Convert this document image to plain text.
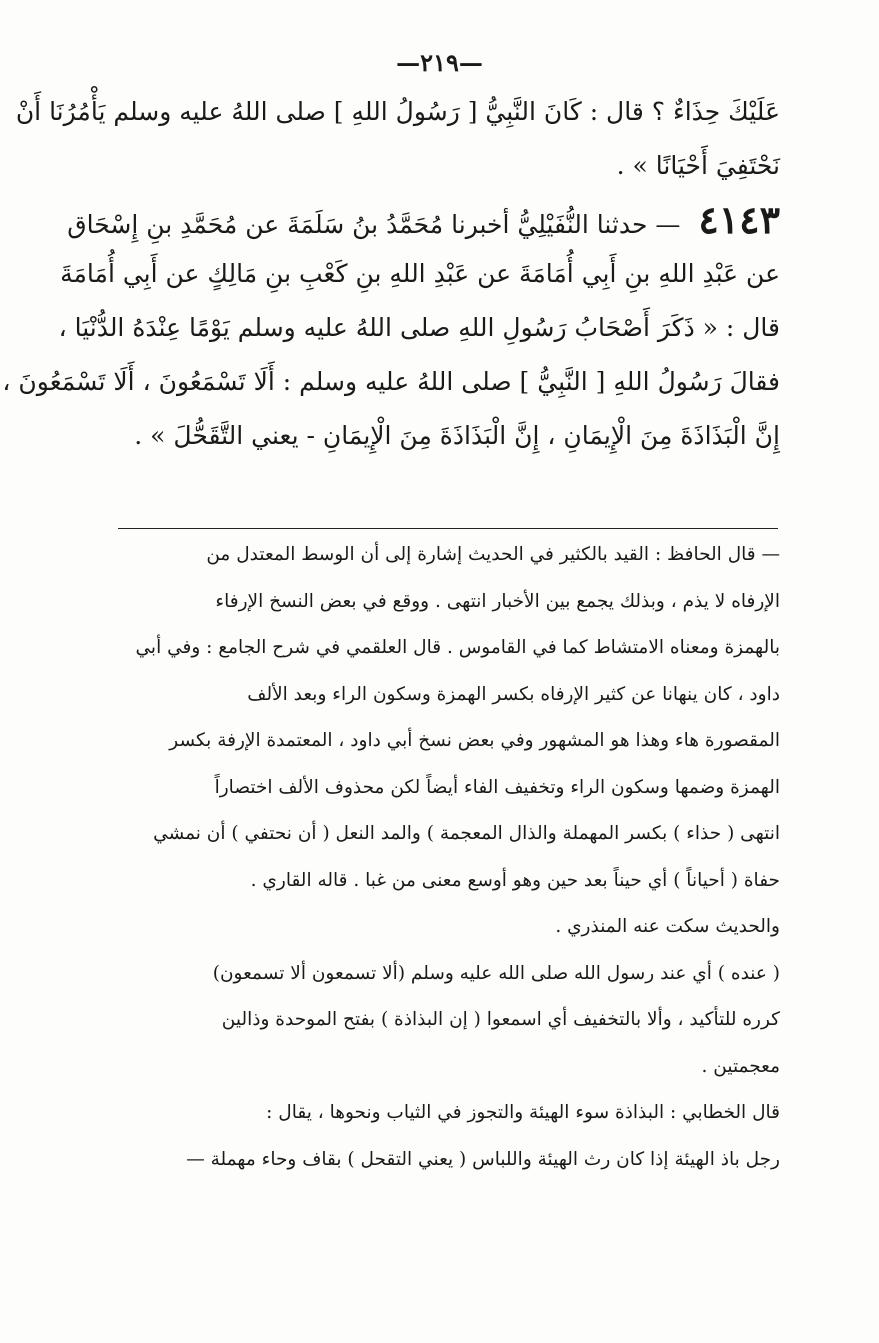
—٢١٩—
عَلَيْكَ حِذَاءٌ ؟ قال : كَانَ النَّبِيُّ [ رَسُولُ اللهِ ] صلى اللهُ عليه وسلم يَأْمُرُنَا أَنْ
نَحْتَفِيَ أَحْيَانًا » .
٤١٤٣ — حدثنا النُّفَيْلِيُّ أخبرنا مُحَمَّدُ بنُ سَلَمَةَ عن مُحَمَّدِ بنِ إِسْحَاق
عن عَبْدِ اللهِ بنِ أَبِي أُمَامَةَ عن عَبْدِ اللهِ بنِ كَعْبِ بنِ مَالِكٍ عن أَبِي أُمَامَةَ
قال : « ذَكَرَ أَصْحَابُ رَسُولِ اللهِ صلى اللهُ عليه وسلم يَوْمًا عِنْدَهُ الدُّنْيَا ،
فقالَ رَسُولُ اللهِ [ النَّبِيُّ ] صلى اللهُ عليه وسلم : أَلَا تَسْمَعُونَ ، أَلَا تَسْمَعُونَ ،
إِنَّ الْبَذَاذَةَ مِنَ الْإِيمَانِ ، إِنَّ الْبَذَاذَةَ مِنَ الْإِيمَانِ - يعني التَّقَحُّلَ » .
— قال الحافظ : القيد بالكثير في الحديث إشارة إلى أن الوسط المعتدل من
الإرفاه لا يذم ، وبذلك يجمع بين الأخبار انتهى . ووقع في بعض النسخ الإرفاء
بالهمزة ومعناه الامتشاط كما في القاموس . قال العلقمي في شرح الجامع : وفي أبي
داود ، كان ينهانا عن كثير الإرفاه بكسر الهمزة وسكون الراء وبعد الألف
المقصورة هاء وهذا هو المشهور وفي بعض نسخ أبي داود ، المعتمدة الإرفة بكسر
الهمزة وضمها وسكون الراء وتخفيف الفاء أيضاً لكن محذوف الألف اختصاراً
انتهى ( حذاء ) بكسر المهملة والذال المعجمة ) والمد النعل ( أن نحتفي ) أن نمشي
حفاة ( أحياناً ) أي حيناً بعد حين وهو أوسع معنى من غبا . قاله القاري .
والحديث سكت عنه المنذري .
( عنده ) أي عند رسول الله صلى الله عليه وسلم (ألا تسمعون ألا تسمعون)
كرره للتأكيد ، وألا بالتخفيف أي اسمعوا ( إن البذاذة ) بفتح الموحدة وذالين
معجمتين .
قال الخطابي : البذاذة سوء الهيئة والتجوز في الثياب ونحوها ، يقال :
رجل باذ الهيئة إذا كان رث الهيئة واللباس ( يعني التقحل ) بقاف وحاء مهملة —
